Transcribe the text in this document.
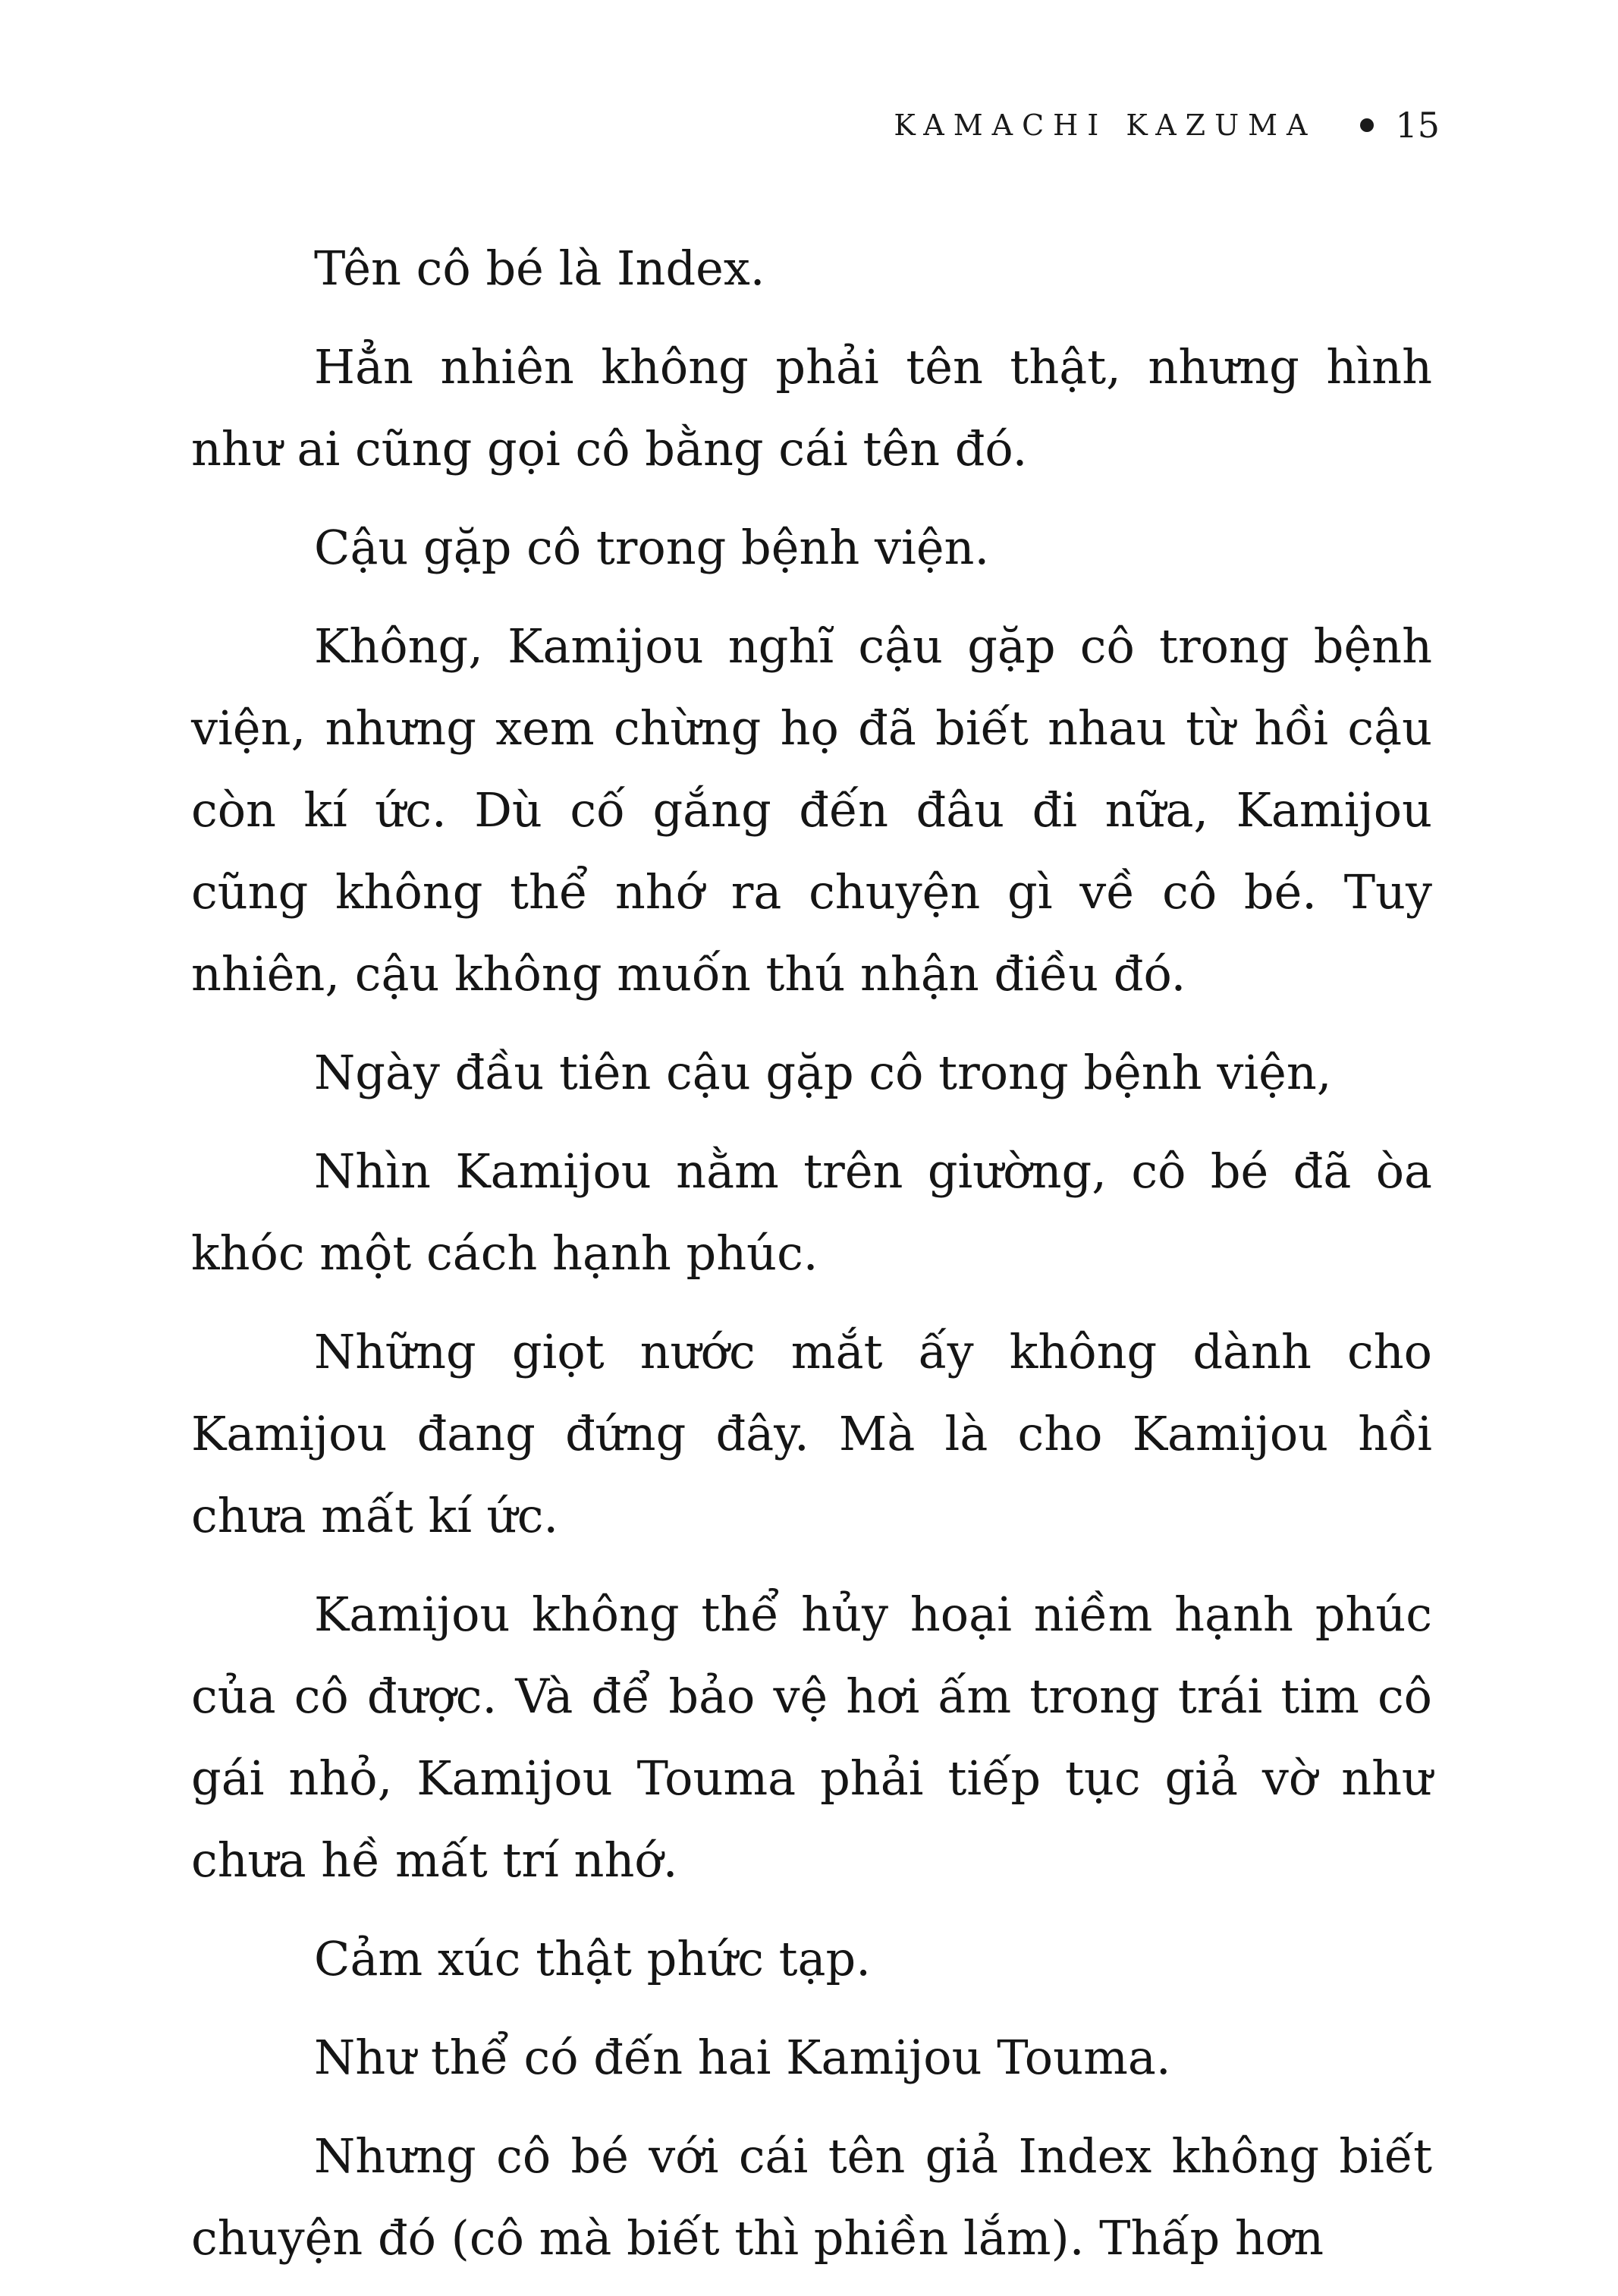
KAMACHI KAZUMA 15

Tên cô bé là Index.

Hẳn nhiên không phải tên thật, nhưng hình như ai cũng gọi cô bằng cái tên đó.

Cậu gặp cô trong bệnh viện.

Không, Kamijou nghĩ cậu gặp cô trong bệnh viện, nhưng xem chừng họ đã biết nhau từ hồi cậu còn kí ức. Dù cố gắng đến đâu đi nữa, Kamijou cũng không thể nhớ ra chuyện gì về cô bé. Tuy nhiên, cậu không muốn thú nhận điều đó.

Ngày đầu tiên cậu gặp cô trong bệnh viện,

Nhìn Kamijou nằm trên giường, cô bé đã òa khóc một cách hạnh phúc.

Những giọt nước mắt ấy không dành cho Kamijou đang đứng đây. Mà là cho Kamijou hồi chưa mất kí ức.

Kamijou không thể hủy hoại niềm hạnh phúc của cô được. Và để bảo vệ hơi ấm trong trái tim cô gái nhỏ, Kamijou Touma phải tiếp tục giả vờ như chưa hề mất trí nhớ.

Cảm xúc thật phức tạp.

Như thể có đến hai Kamijou Touma.

Nhưng cô bé với cái tên giả Index không biết chuyện đó (cô mà biết thì phiền lắm). Thấp hơn
